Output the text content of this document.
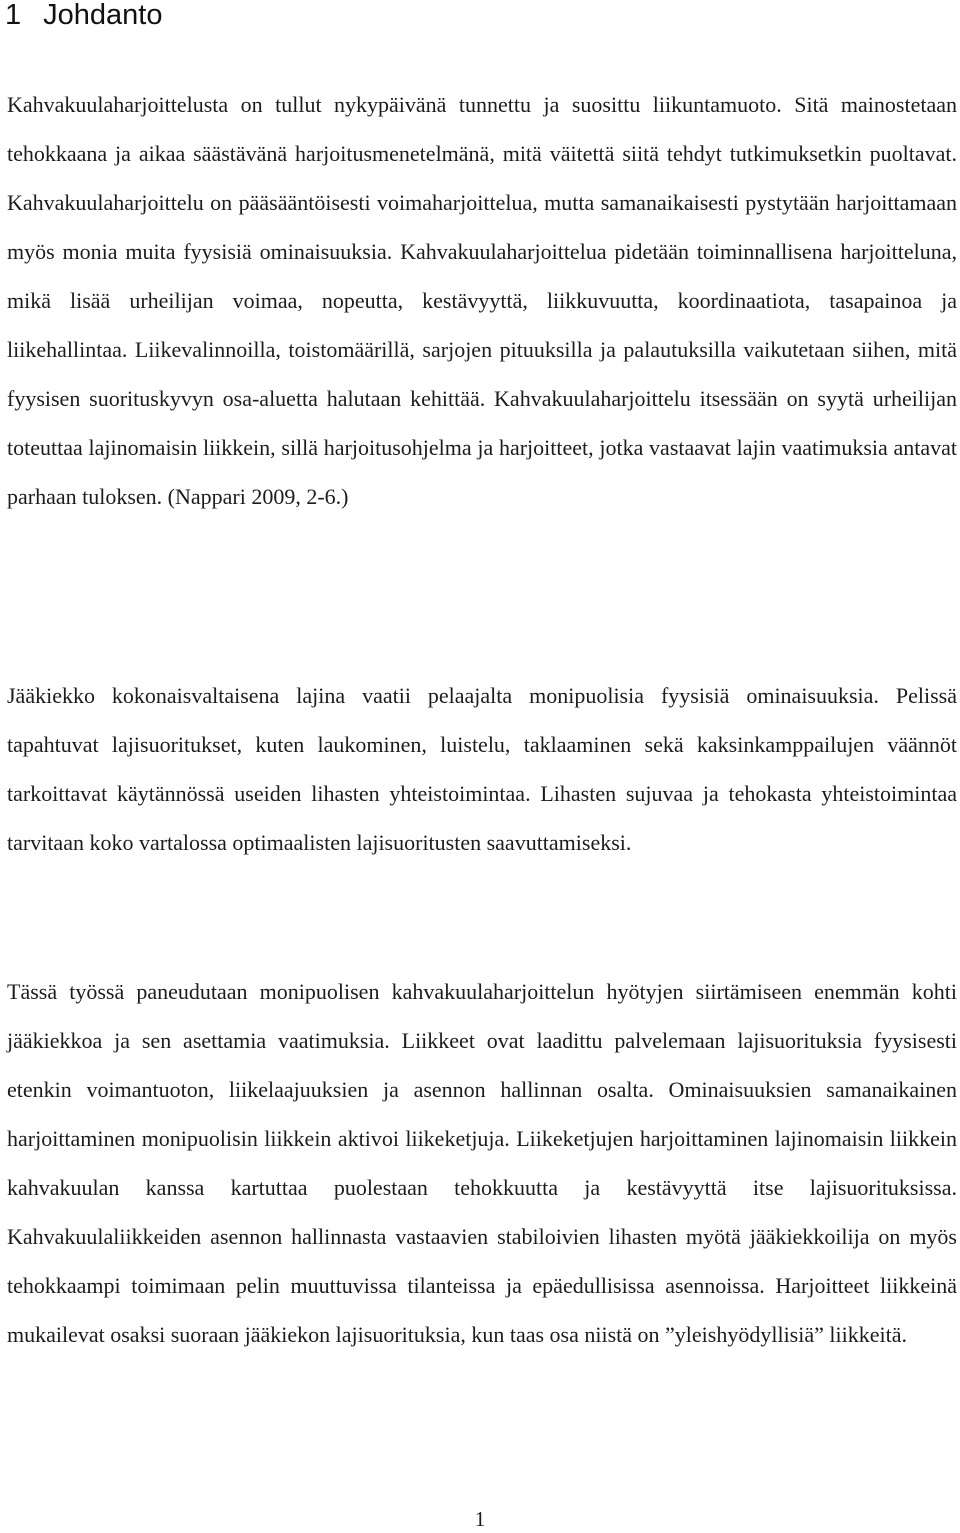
1 Johdanto

Kahvakuulaharjoittelusta on tullut nykypäivänä tunnettu ja suosittu liikuntamuoto. Sitä mainostetaan tehokkaana ja aikaa säästävänä harjoitusmenetelmänä, mitä väitettä siitä tehdyt tutkimuksetkin puoltavat. Kahvakuulaharjoittelu on pääsääntöisesti voimaharjoittelua, mutta samanaikaisesti pystytään harjoittamaan myös monia muita fyysisiä ominaisuuksia. Kahvakuulaharjoittelua pidetään toiminnallisena harjoitteluna, mikä lisää urheilijan voimaa, nopeutta, kestävyyttä, liikkuvuutta, koordinaatiota, tasapainoa ja liikehallintaa. Liikevalinnoilla, toistomäärillä, sarjojen pituuksilla ja palautuksilla vaikutetaan siihen, mitä fyysisen suorituskyvyn osa-aluetta halutaan kehittää. Kahvakuulaharjoittelu itsessään on syytä urheilijan toteuttaa lajinomaisin liikkein, sillä harjoitusohjelma ja harjoitteet, jotka vastaavat lajin vaatimuksia antavat parhaan tuloksen. (Nappari 2009, 2-6.)

Jääkiekko kokonaisvaltaisena lajina vaatii pelaajalta monipuolisia fyysisiä ominaisuuksia. Pelissä tapahtuvat lajisuoritukset, kuten laukominen, luistelu, taklaaminen sekä kaksinkamppailujen väännöt tarkoittavat käytännössä useiden lihasten yhteistoimintaa. Lihasten sujuvaa ja tehokasta yhteistoimintaa tarvitaan koko vartalossa optimaalisten lajisuoritusten saavuttamiseksi.

Tässä työssä paneudutaan monipuolisen kahvakuulaharjoittelun hyötyjen siirtämiseen enemmän kohti jääkiekkoa ja sen asettamia vaatimuksia. Liikkeet ovat laadittu palvelemaan lajisuorituksia fyysisesti etenkin voimantuoton, liikelaajuuksien ja asennon hallinnan osalta. Ominaisuuksien samanaikainen harjoittaminen monipuolisin liikkein aktivoi liikeketjuja. Liikeketjujen harjoittaminen lajinomaisin liikkein kahvakuulan kanssa kartuttaa puolestaan tehokkuutta ja kestävyyttä itse lajisuorituksissa. Kahvakuulaliikkeiden asennon hallinnasta vastaavien stabiloivien lihasten myötä jääkiekkoilija on myös tehokkaampi toimimaan pelin muuttuvissa tilanteissa ja epäedullisissa asennoissa. Harjoitteet liikkeinä mukailevat osaksi suoraan jääkiekon lajisuorituksia, kun taas osa niistä on ”yleishyödyllisiä” liikkeitä.

1
